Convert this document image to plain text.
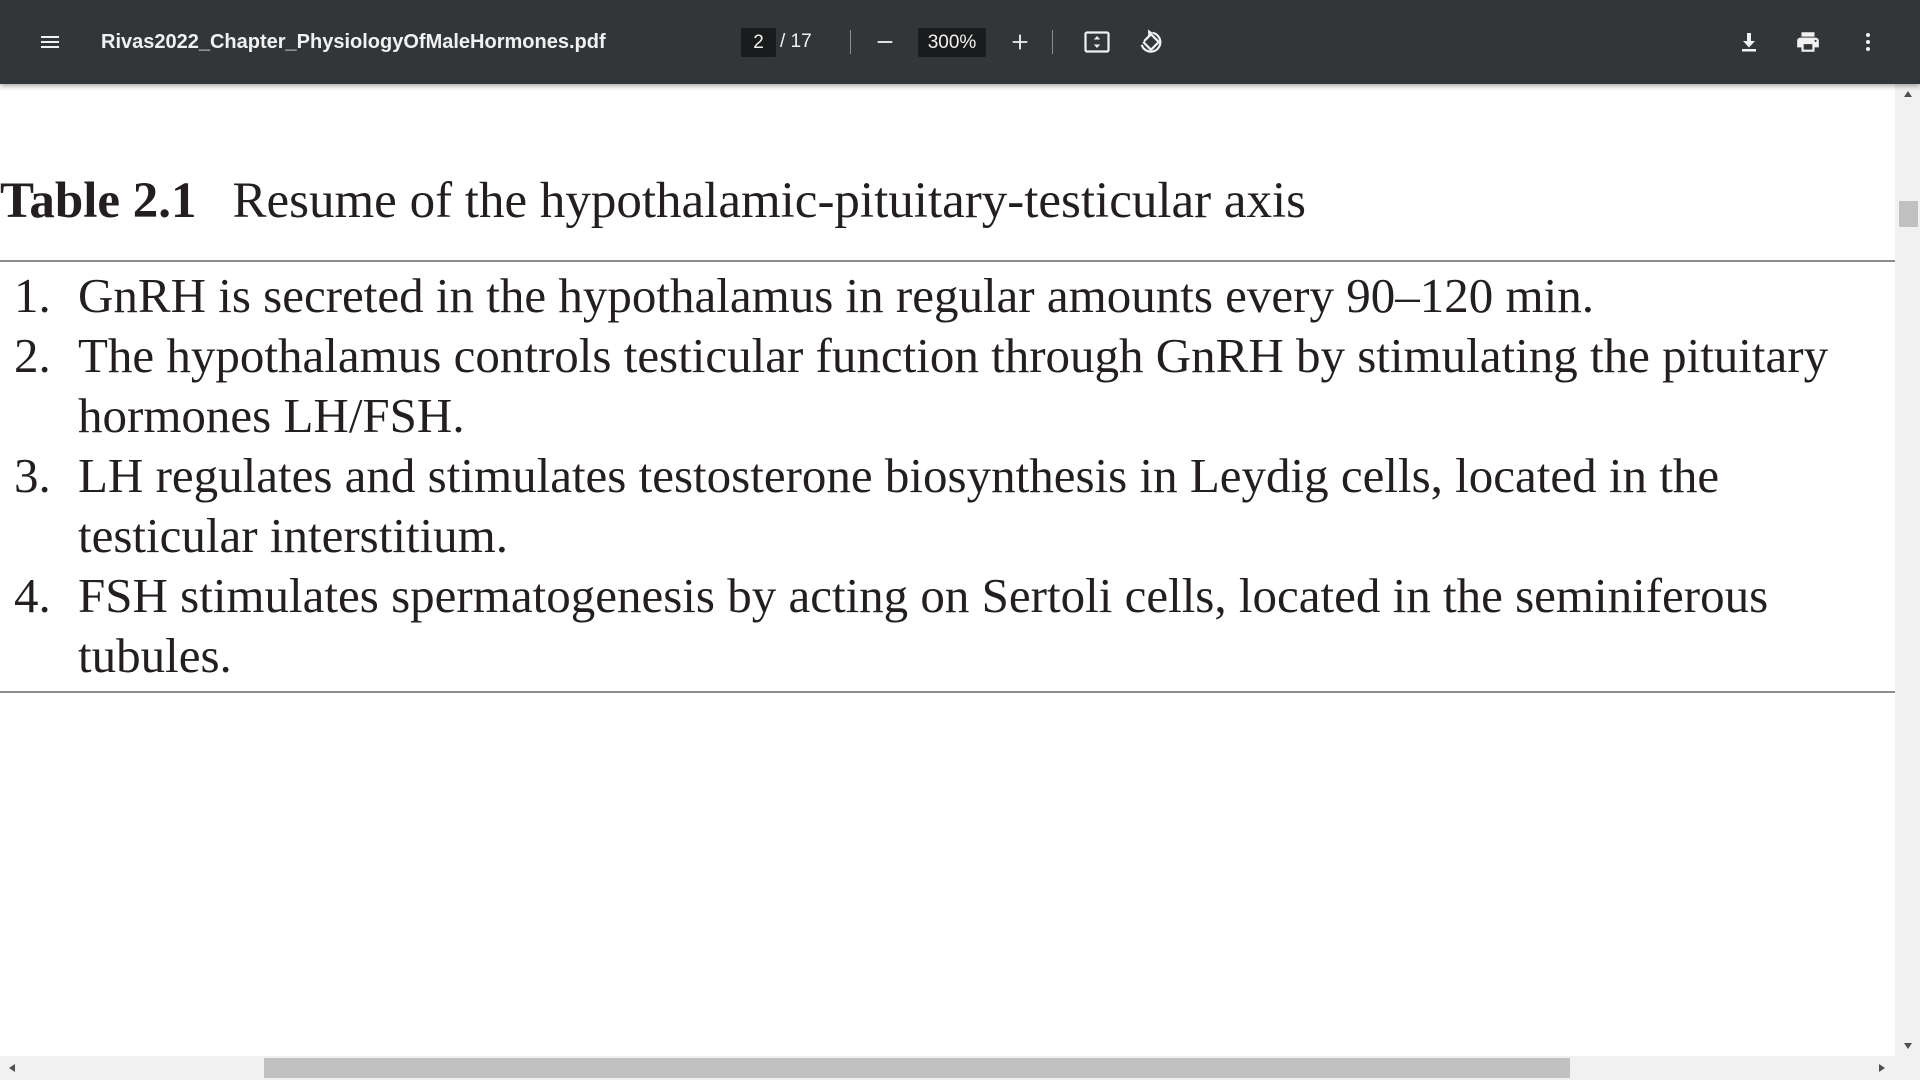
Rivas2022_Chapter_PhysiologyOfMaleHormones.pdf
2	/ 17
300%
Table 2.1 Resume of the hypothalamic-pituitary-testicular axis
1. GnRH is secreted in the hypothalamus in regular amounts every 90–120 min.
2. The hypothalamus controls testicular function through GnRH by stimulating the pituitary
hormones LH/FSH.
3. LH regulates and stimulates testosterone biosynthesis in Leydig cells, located in the
testicular interstitium.
4. FSH stimulates spermatogenesis by acting on Sertoli cells, located in the seminiferous
tubules.
